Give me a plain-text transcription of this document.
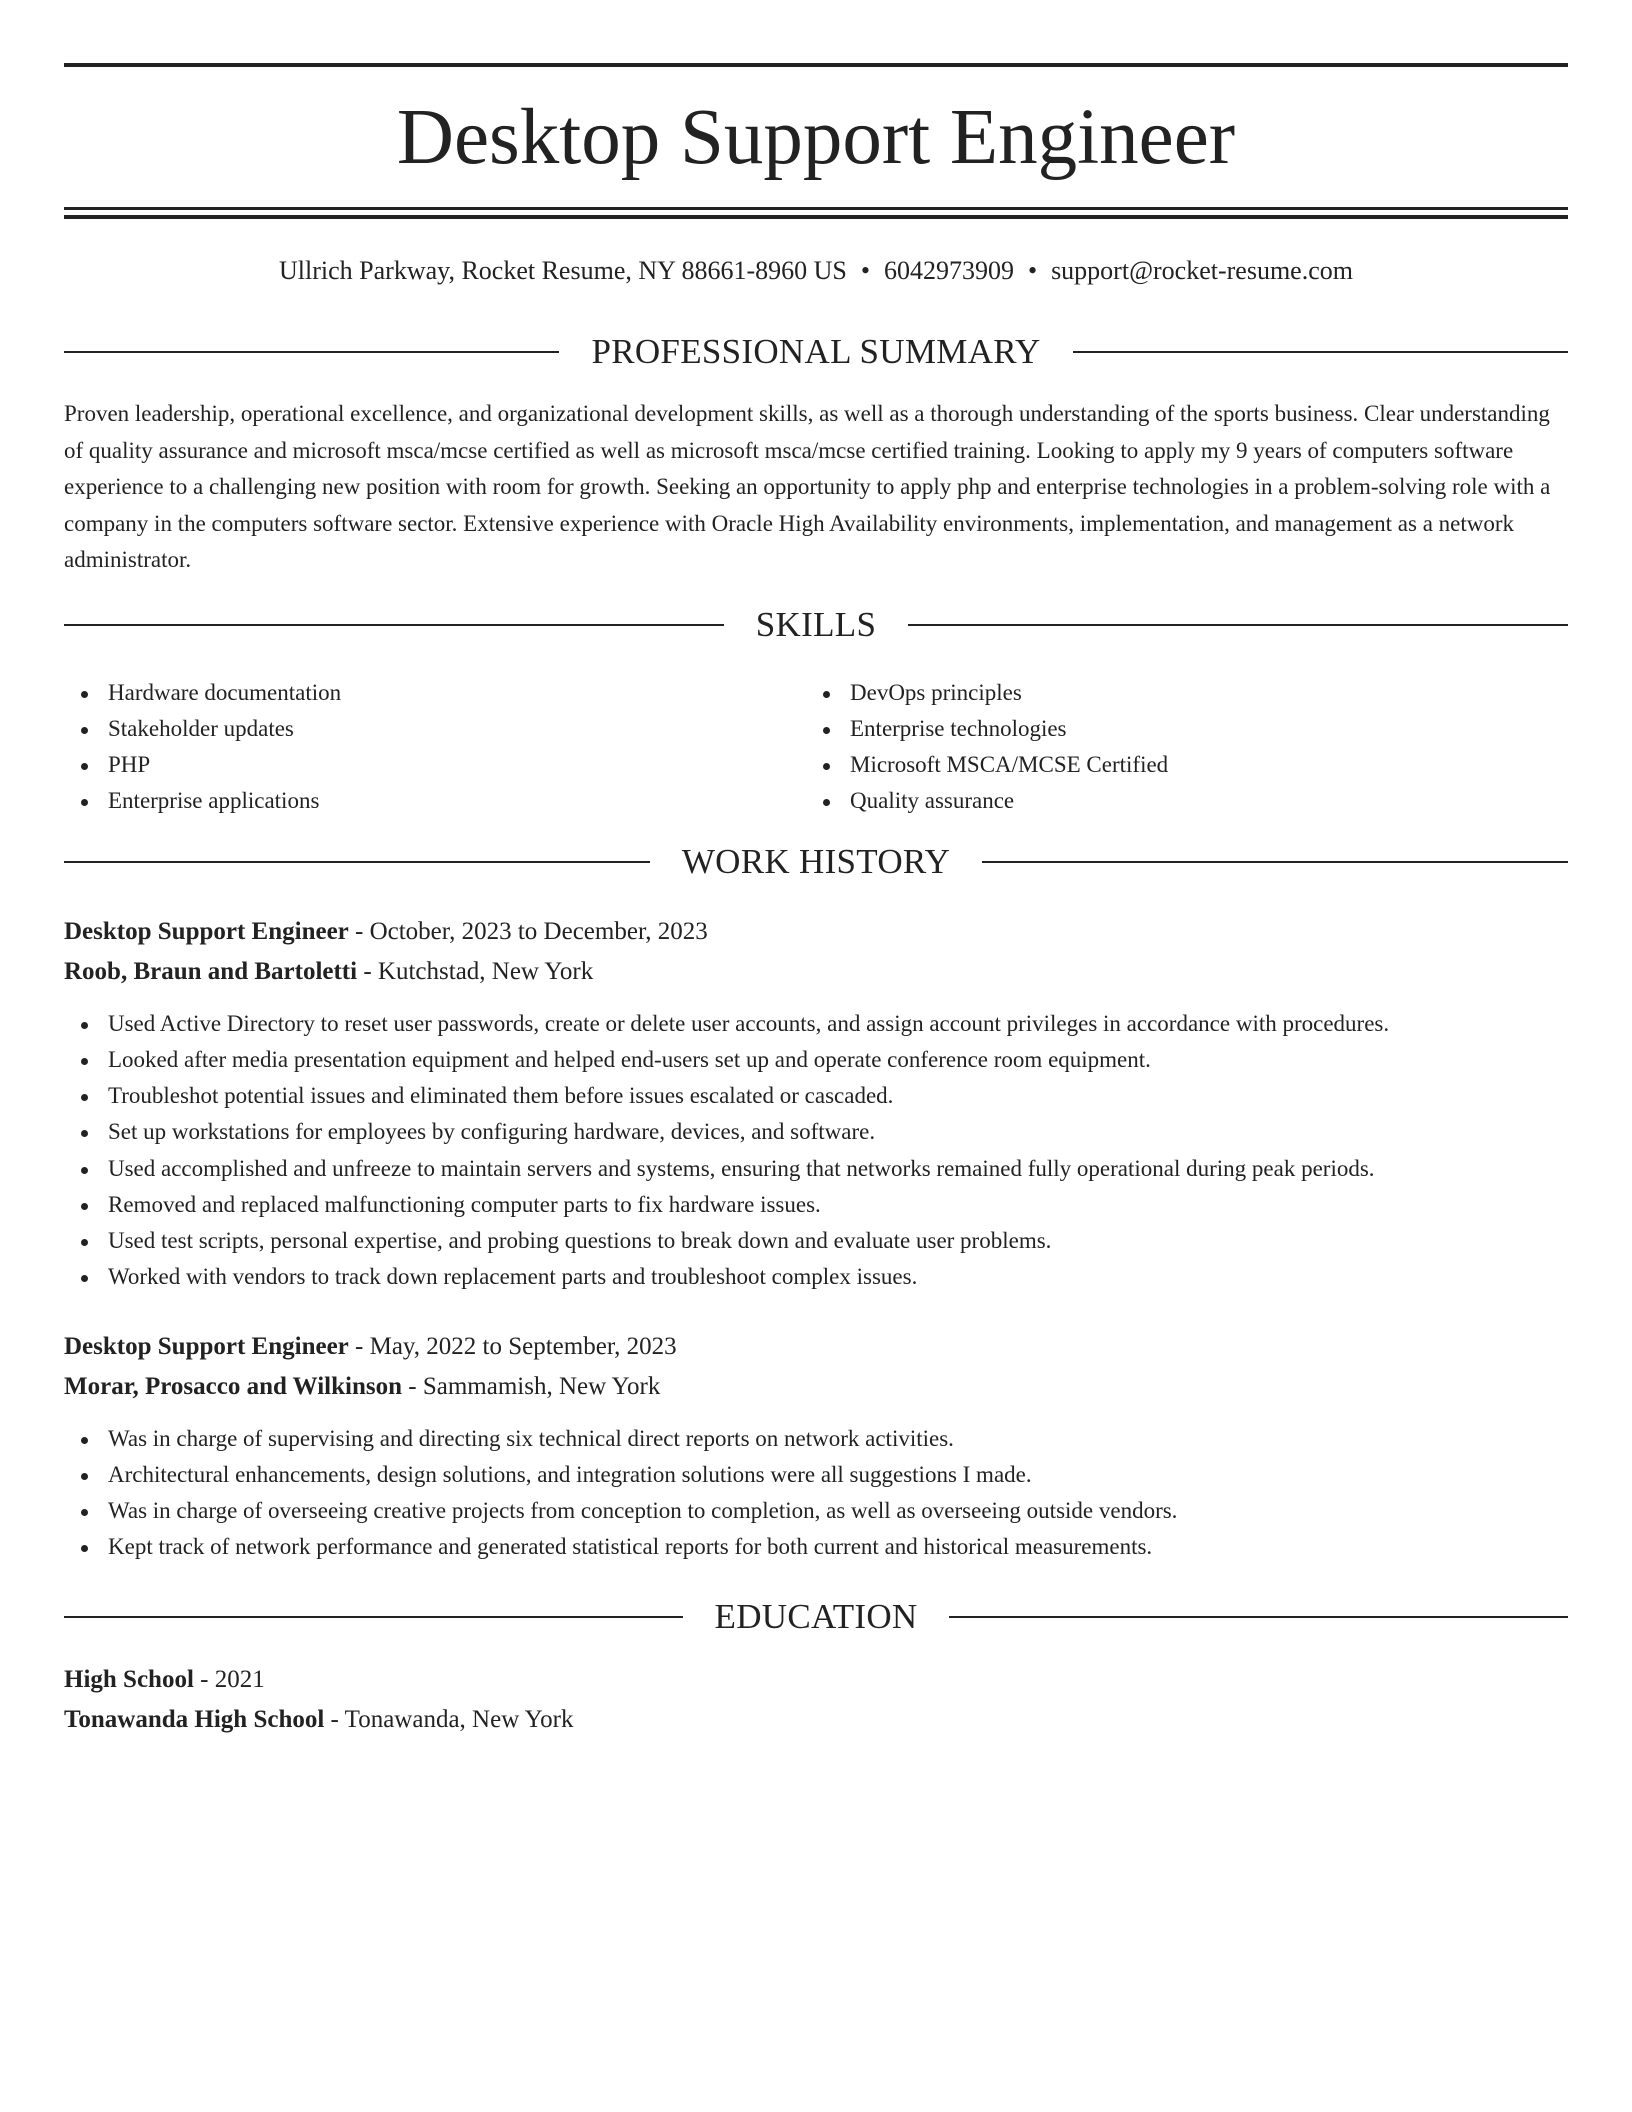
Desktop Support Engineer
Ullrich Parkway, Rocket Resume, NY 88661-8960 US • 6042973909 • support@rocket-resume.com
PROFESSIONAL SUMMARY

Proven leadership, operational excellence, and organizational development skills, as well as a thorough understanding of the sports business. Clear understanding of quality assurance and microsoft msca/mcse certified as well as microsoft msca/mcse certified training. Looking to apply my 9 years of computers software experience to a challenging new position with room for growth. Seeking an opportunity to apply php and enterprise technologies in a problem-solving role with a company in the computers software sector. Extensive experience with Oracle High Availability environments, implementation, and management as a network administrator.

SKILLS
Hardware documentation
Stakeholder updates
PHP
Enterprise applications
DevOps principles
Enterprise technologies
Microsoft MSCA/MCSE Certified
Quality assurance
WORK HISTORY
Desktop Support Engineer - October, 2023 to December, 2023
Roob, Braun and Bartoletti - Kutchstad, New York
Used Active Directory to reset user passwords, create or delete user accounts, and assign account privileges in accordance with procedures.
Looked after media presentation equipment and helped end-users set up and operate conference room equipment.
Troubleshot potential issues and eliminated them before issues escalated or cascaded.
Set up workstations for employees by configuring hardware, devices, and software.
Used accomplished and unfreeze to maintain servers and systems, ensuring that networks remained fully operational during peak periods.
Removed and replaced malfunctioning computer parts to fix hardware issues.
Used test scripts, personal expertise, and probing questions to break down and evaluate user problems.
Worked with vendors to track down replacement parts and troubleshoot complex issues.
Desktop Support Engineer - May, 2022 to September, 2023
Morar, Prosacco and Wilkinson - Sammamish, New York
Was in charge of supervising and directing six technical direct reports on network activities.
Architectural enhancements, design solutions, and integration solutions were all suggestions I made.
Was in charge of overseeing creative projects from conception to completion, as well as overseeing outside vendors.
Kept track of network performance and generated statistical reports for both current and historical measurements.
EDUCATION
High School - 2021
Tonawanda High School - Tonawanda, New York
